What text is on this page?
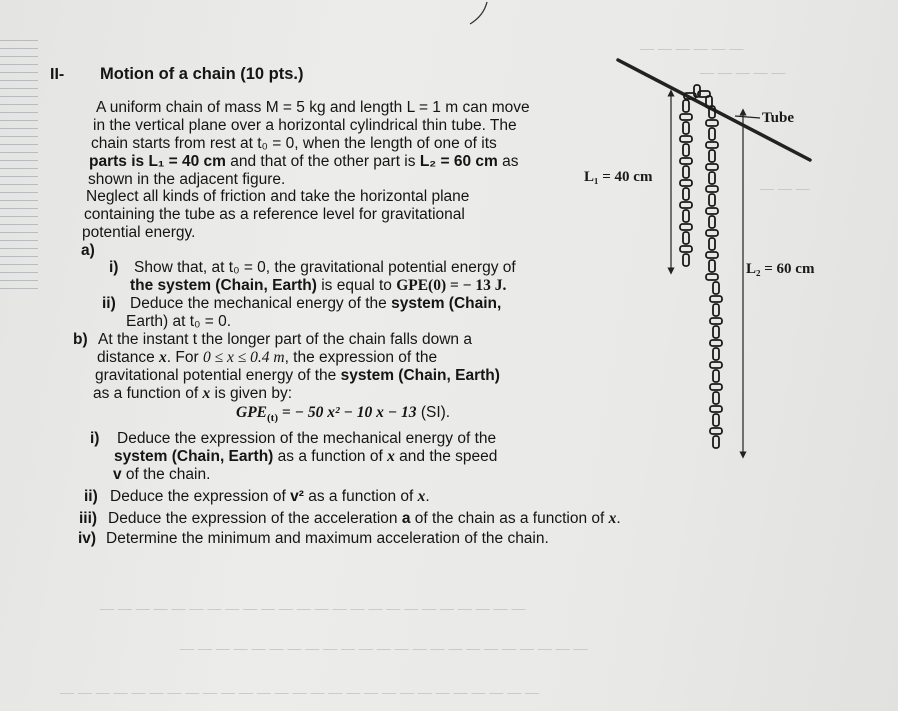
— — — — — —
— — — — —
— — —
— — — — — — — — — — — — — — — — — — — — — — — —
— — — — — — — — — — — — — — — — — — — — — — —
— — — — — — — — — — — — — — — — — — — — — — — — — — —
II- Motion of a chain (10 pts.)
A uniform chain of mass M = 5 kg and length L = 1 m can move
in the vertical plane over a horizontal cylindrical thin tube. The
chain starts from rest at t₀ = 0, when the length of one of its
parts is L₁ = 40 cm and that of the other part is L₂ = 60 cm as
shown in the adjacent figure.
Neglect all kinds of friction and take the horizontal plane
containing the tube as a reference level for gravitational
potential energy.
a)
i) Show that, at t₀ = 0, the gravitational potential energy of
the system (Chain, Earth) is equal to GPE(0) = − 13 J.
ii) Deduce the mechanical energy of the system (Chain,
Earth) at t₀ = 0.
b) At the instant t the longer part of the chain falls down a
distance x. For 0 ≤ x ≤ 0.4 m, the expression of the
gravitational potential energy of the system (Chain, Earth)
as a function of x is given by:
$GPE_{(t)}$ = − 50 x² − 10 x − 13 (SI).
i) Deduce the expression of the mechanical energy of the
system (Chain, Earth) as a function of x and the speed
v of the chain.
ii) Deduce the expression of v² as a function of x.
iii) Deduce the expression of the acceleration a of the chain as a function of x.
iv) Determine the minimum and maximum acceleration of the chain.
Tube
L₁ = 40 cm
L₂ = 60 cm
